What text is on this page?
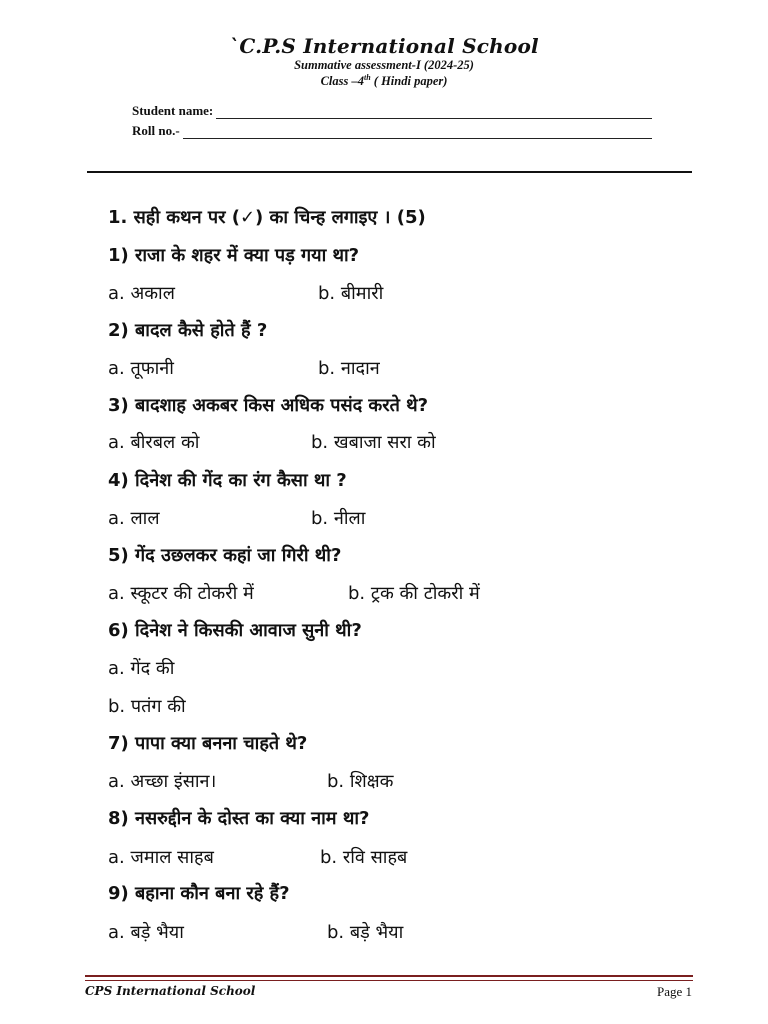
`C.P.S International School
Summative assessment-I (2024-25)
Class –4th ( Hindi paper)
Student name:
Roll no.-
1. सही कथन पर (✓) का चिन्ह लगाइए । (5)
1) राजा के शहर में क्या पड़ गया था?
a. अकाल	b. बीमारी
2) बादल कैसे होते हैं ?
a. तूफानी	b. नादान
3) बादशाह अकबर किस अधिक पसंद करते थे?
a. बीरबल को	b. खबाजा सरा को
4) दिनेश की गेंद का रंग कैसा था ?
a. लाल	b. नीला
5) गेंद उछलकर कहां जा गिरी थी?
a. स्कूटर की टोकरी में	b. ट्रक की टोकरी में
6) दिनेश ने किसकी आवाज सुनी थी?
a. गेंद की
b. पतंग की
7) पापा क्या बनना चाहते थे?
a. अच्छा इंसान।	b. शिक्षक
8) नसरुद्दीन के दोस्त का क्या नाम था?
a. जमाल साहब	b. रवि साहब
9) बहाना कौन बना रहे हैं?
a. बड़े भैया	b. बड़े भैया
CPS International School	Page 1
